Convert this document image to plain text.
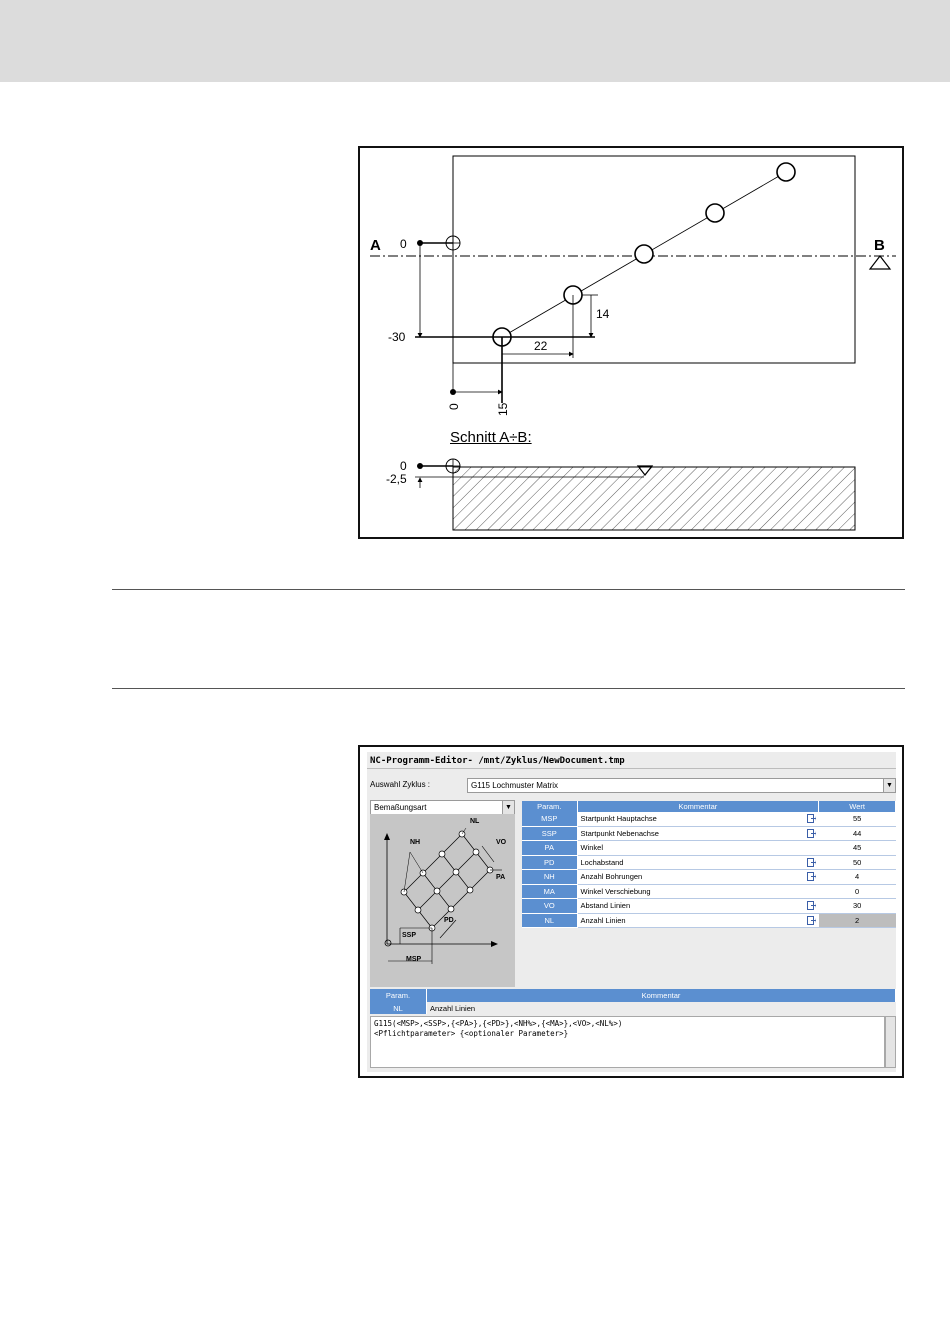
A	B
0
-30
14
22
0	15
Schnitt A÷B:
0
-2,5
NC-Programm-Editor- /mnt/Zyklus/NewDocument.tmp
Auswahl Zyklus :	G115 Lochmuster Matrix	▼
Bemaßungsart	▼
NL
NH	VO
PA
PD
SSP
MSP
Param.	Kommentar	Wert
MSP	Startpunkt Hauptachse	55
SSP	Startpunkt Nebenachse	44
PA	Winkel	45
PD	Lochabstand	50
NH	Anzahl Bohrungen	4
MA	Winkel Verschiebung	0
VO	Abstand Linien	30
NL	Anzahl Linien	2
Param.	Kommentar
NL	Anzahl Linien
G115(<MSP>,<SSP>,{<PA>},{<PD>},<NH%>,{<MA>},<VO>,<NL%>)
<Pflichtparameter> {<optionaler Parameter>}
